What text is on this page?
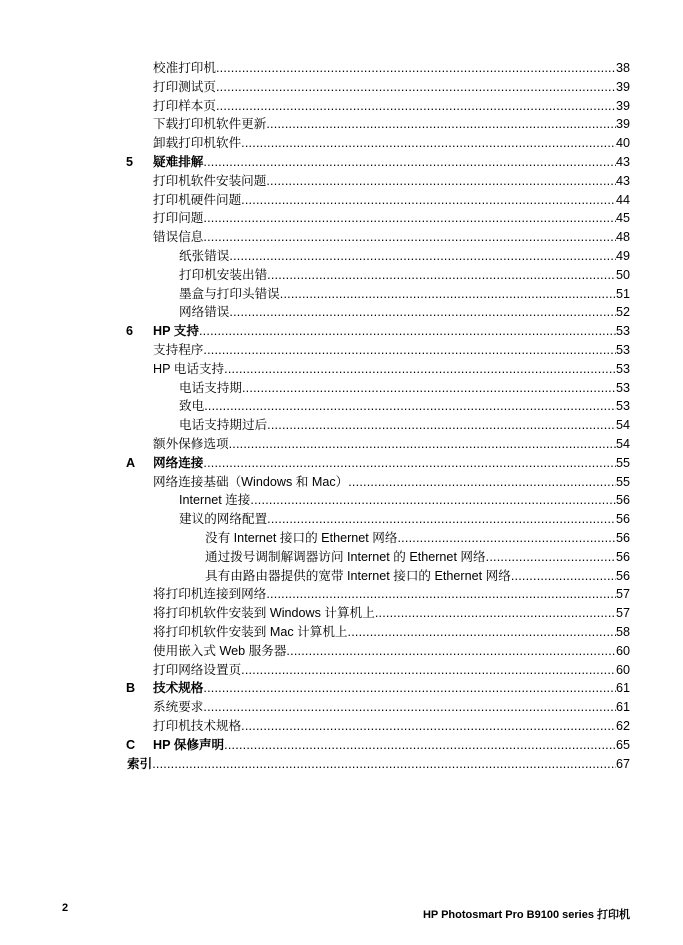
校准打印机 .....	38
打印测试页 .....	39
打印样本页 .....	39
下载打印机软件更新 .....	39
卸载打印机软件 .....	40
5 疑难排解 .....	43
打印机软件安装问题 .....	43
打印机硬件问题 .....	44
打印问题 .....	45
错误信息 .....	48
纸张错误 .....	49
打印机安装出错 .....	50
墨盒与打印头错误 .....	51
网络错误 .....	52
6 HP 支持 .....	53
支持程序 .....	53
HP 电话支持 .....	53
电话支持期 .....	53
致电 .....	53
电话支持期过后 .....	54
额外保修选项 .....	54
A 网络连接 .....	55
网络连接基础（Windows 和 Mac） .....	55
Internet 连接 .....	56
建议的网络配置 .....	56
没有 Internet 接口的 Ethernet 网络 .....	56
通过拨号调制解调器访问 Internet 的 Ethernet 网络 .....	56
具有由路由器提供的宽带 Internet 接口的 Ethernet 网络 .....	56
将打印机连接到网络 .....	57
将打印机软件安装到 Windows 计算机上 .....	57
将打印机软件安装到 Mac 计算机上 .....	58
使用嵌入式 Web 服务器 .....	60
打印网络设置页 .....	60
B 技术规格 .....	61
系统要求 .....	61
打印机技术规格 .....	62
C HP 保修声明 .....	65
索引 .....	67
2
HP Photosmart Pro B9100 series 打印机
